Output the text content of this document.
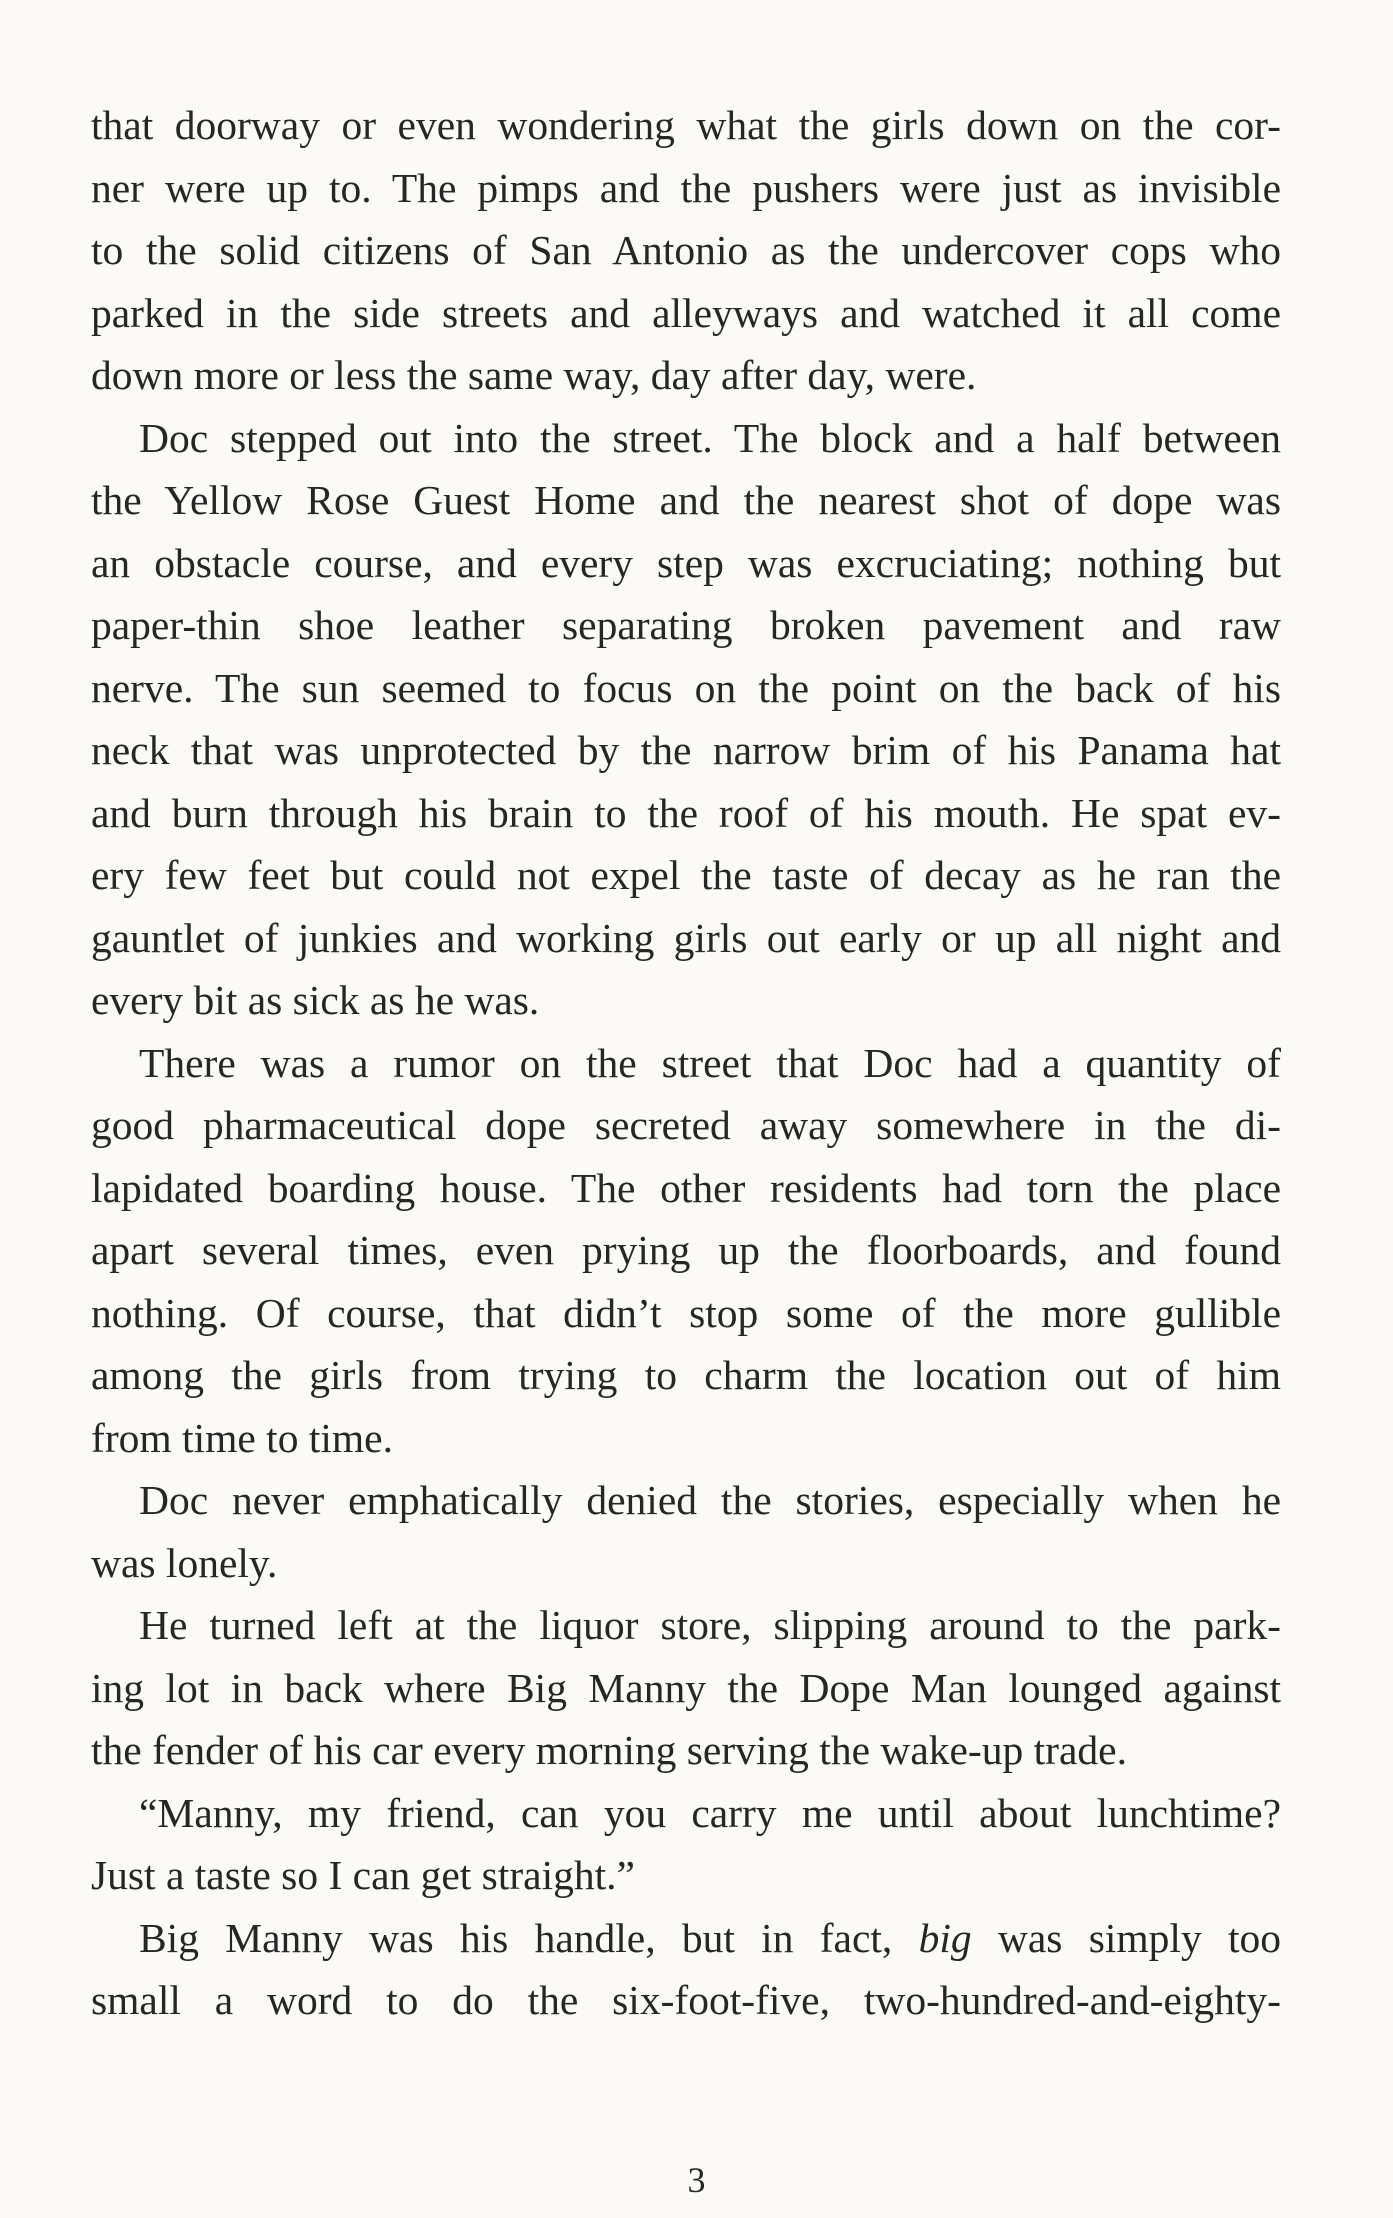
that doorway or even wondering what the girls down on the cor-
ner were up to. The pimps and the pushers were just as invisible
to the solid citizens of San Antonio as the undercover cops who
parked in the side streets and alleyways and watched it all come
down more or less the same way, day after day, were.
Doc stepped out into the street. The block and a half between
the Yellow Rose Guest Home and the nearest shot of dope was
an obstacle course, and every step was excruciating; nothing but
paper-thin shoe leather separating broken pavement and raw
nerve. The sun seemed to focus on the point on the back of his
neck that was unprotected by the narrow brim of his Panama hat
and burn through his brain to the roof of his mouth. He spat ev-
ery few feet but could not expel the taste of decay as he ran the
gauntlet of junkies and working girls out early or up all night and
every bit as sick as he was.
There was a rumor on the street that Doc had a quantity of
good pharmaceutical dope secreted away somewhere in the di-
lapidated boarding house. The other residents had torn the place
apart several times, even prying up the floorboards, and found
nothing. Of course, that didn’t stop some of the more gullible
among the girls from trying to charm the location out of him
from time to time.
Doc never emphatically denied the stories, especially when he
was lonely.
He turned left at the liquor store, slipping around to the park-
ing lot in back where Big Manny the Dope Man lounged against
the fender of his car every morning serving the wake-up trade.
“Manny, my friend, can you carry me until about lunchtime?
Just a taste so I can get straight.”
Big Manny was his handle, but in fact, big was simply too
small a word to do the six-foot-five, two-hundred-and-eighty-
3
